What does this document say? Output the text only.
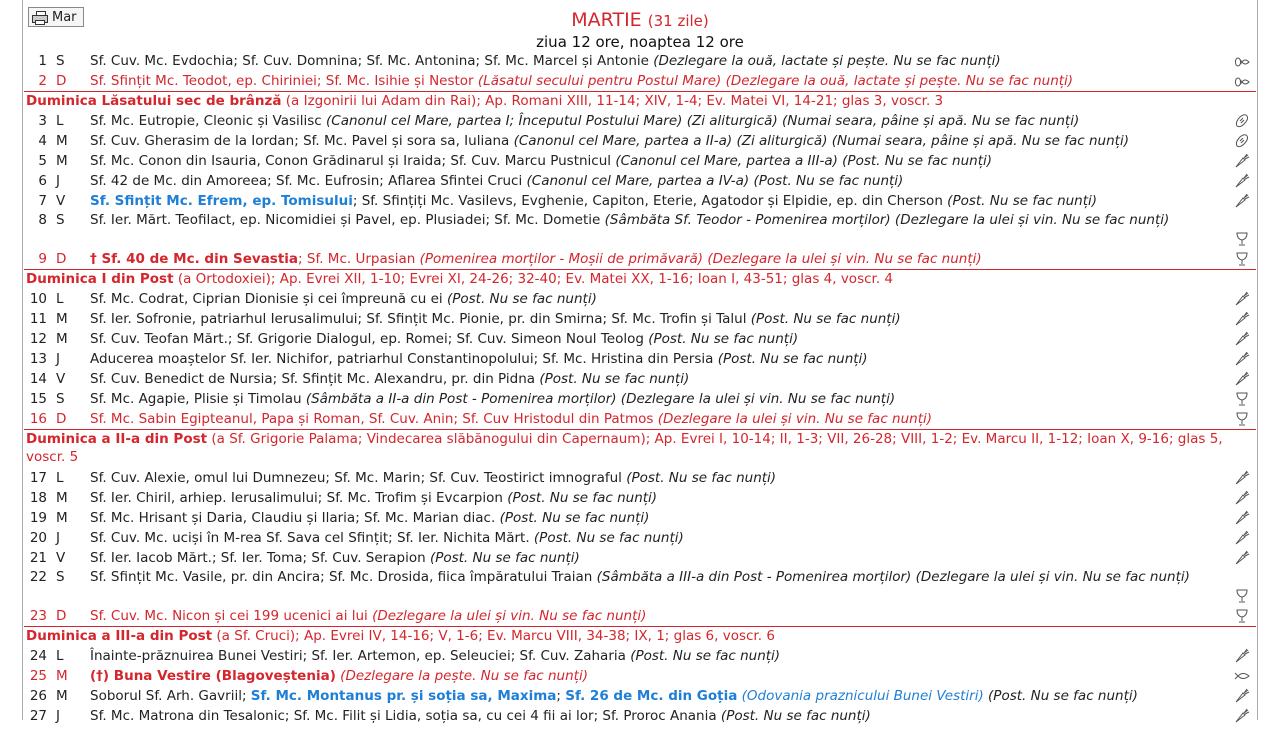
Mar	MARTIE (31 zile)
ziua 12 ore, noaptea 12 ore
1 S Sf. Cuv. Mc. Evdochia; Sf. Cuv. Domnina; Sf. Mc. Antonina; Sf. Mc. Marcel și Antonie (Dezlegare la ouă, lactate și pește. Nu se fac nunți)
2 D Sf. Sfințit Mc. Teodot, ep. Chiriniei; Sf. Mc. Isihie și Nestor (Lăsatul secului pentru Postul Mare) (Dezlegare la ouă, lactate și pește. Nu se fac nunți)
Duminica Lăsatului sec de brânză (a Izgonirii lui Adam din Rai); Ap. Romani XIII, 11-14; XIV, 1-4; Ev. Matei VI, 14-21; glas 3, voscr. 3
3 L Sf. Mc. Eutropie, Cleonic și Vasilisc (Canonul cel Mare, partea I; Începutul Postului Mare) (Zi aliturgică) (Numai seara, pâine și apă. Nu se fac nunți)
4 M Sf. Cuv. Gherasim de la Iordan; Sf. Mc. Pavel și sora sa, Iuliana (Canonul cel Mare, partea a II-a) (Zi aliturgică) (Numai seara, pâine și apă. Nu se fac nunți)
5 M Sf. Mc. Conon din Isauria, Conon Grădinarul și Iraida; Sf. Cuv. Marcu Pustnicul (Canonul cel Mare, partea a III-a) (Post. Nu se fac nunți)
6 J Sf. 42 de Mc. din Amoreea; Sf. Mc. Eufrosin; Aflarea Sfintei Cruci (Canonul cel Mare, partea a IV-a) (Post. Nu se fac nunți)
7 V Sf. Sfințit Mc. Efrem, ep. Tomisului; Sf. Sfințiți Mc. Vasilevs, Evghenie, Capiton, Eterie, Agatodor și Elpidie, ep. din Cherson (Post. Nu se fac nunți)
8 S Sf. Ier. Mărt. Teofilact, ep. Nicomidiei și Pavel, ep. Plusiadei; Sf. Mc. Dometie (Sâmbăta Sf. Teodor - Pomenirea morților) (Dezlegare la ulei și vin. Nu se fac nunți)
9 D † Sf. 40 de Mc. din Sevastia; Sf. Mc. Urpasian (Pomenirea morților - Moșii de primăvară) (Dezlegare la ulei și vin. Nu se fac nunți)
Duminica I din Post (a Ortodoxiei); Ap. Evrei XII, 1-10; Evrei XI, 24-26; 32-40; Ev. Matei XX, 1-16; Ioan I, 43-51; glas 4, voscr. 4
10 L Sf. Mc. Codrat, Ciprian Dionisie și cei împreună cu ei (Post. Nu se fac nunți)
11 M Sf. Ier. Sofronie, patriarhul Ierusalimului; Sf. Sfințit Mc. Pionie, pr. din Smirna; Sf. Mc. Trofin și Talul (Post. Nu se fac nunți)
12 M Sf. Cuv. Teofan Mărt.; Sf. Grigorie Dialogul, ep. Romei; Sf. Cuv. Simeon Noul Teolog (Post. Nu se fac nunți)
13 J Aducerea moaștelor Sf. Ier. Nichifor, patriarhul Constantinopolului; Sf. Mc. Hristina din Persia (Post. Nu se fac nunți)
14 V Sf. Cuv. Benedict de Nursia; Sf. Sfințit Mc. Alexandru, pr. din Pidna (Post. Nu se fac nunți)
15 S Sf. Mc. Agapie, Plisie și Timolau (Sâmbăta a II-a din Post - Pomenirea morților) (Dezlegare la ulei și vin. Nu se fac nunți)
16 D Sf. Mc. Sabin Egipteanul, Papa și Roman, Sf. Cuv. Anin; Sf. Cuv Hristodul din Patmos (Dezlegare la ulei și vin. Nu se fac nunți)
Duminica a II-a din Post (a Sf. Grigorie Palama; Vindecarea slăbănogului din Capernaum); Ap. Evrei I, 10-14; II, 1-3; VII, 26-28; VIII, 1-2; Ev. Marcu II, 1-12; Ioan X, 9-16; glas 5, voscr. 5
17 L Sf. Cuv. Alexie, omul lui Dumnezeu; Sf. Mc. Marin; Sf. Cuv. Teostirict imnograful (Post. Nu se fac nunți)
18 M Sf. Ier. Chiril, arhiep. Ierusalimului; Sf. Mc. Trofim și Evcarpion (Post. Nu se fac nunți)
19 M Sf. Mc. Hrisant și Daria, Claudiu și Ilaria; Sf. Mc. Marian diac. (Post. Nu se fac nunți)
20 J Sf. Cuv. Mc. uciși în M-rea Sf. Sava cel Sfințit; Sf. Ier. Nichita Mărt. (Post. Nu se fac nunți)
21 V Sf. Ier. Iacob Mărt.; Sf. Ier. Toma; Sf. Cuv. Serapion (Post. Nu se fac nunți)
22 S Sf. Sfințit Mc. Vasile, pr. din Ancira; Sf. Mc. Drosida, fiica împăratului Traian (Sâmbăta a III-a din Post - Pomenirea morților) (Dezlegare la ulei și vin. Nu se fac nunți)
23 D Sf. Cuv. Mc. Nicon și cei 199 ucenici ai lui (Dezlegare la ulei și vin. Nu se fac nunți)
Duminica a III-a din Post (a Sf. Cruci); Ap. Evrei IV, 14-16; V, 1-6; Ev. Marcu VIII, 34-38; IX, 1; glas 6, voscr. 6
24 L Înainte-prăznuirea Bunei Vestiri; Sf. Ier. Artemon, ep. Seleuciei; Sf. Cuv. Zaharia (Post. Nu se fac nunți)
25 M (†) Buna Vestire (Blagoveștenia) (Dezlegare la pește. Nu se fac nunți)
26 M Soborul Sf. Arh. Gavriil; Sf. Mc. Montanus pr. și soția sa, Maxima; Sf. 26 de Mc. din Goția (Odovania praznicului Bunei Vestiri) (Post. Nu se fac nunți)
27 J Sf. Mc. Matrona din Tesalonic; Sf. Mc. Filit și Lidia, soția sa, cu cei 4 fii ai lor; Sf. Proroc Anania (Post. Nu se fac nunți)
